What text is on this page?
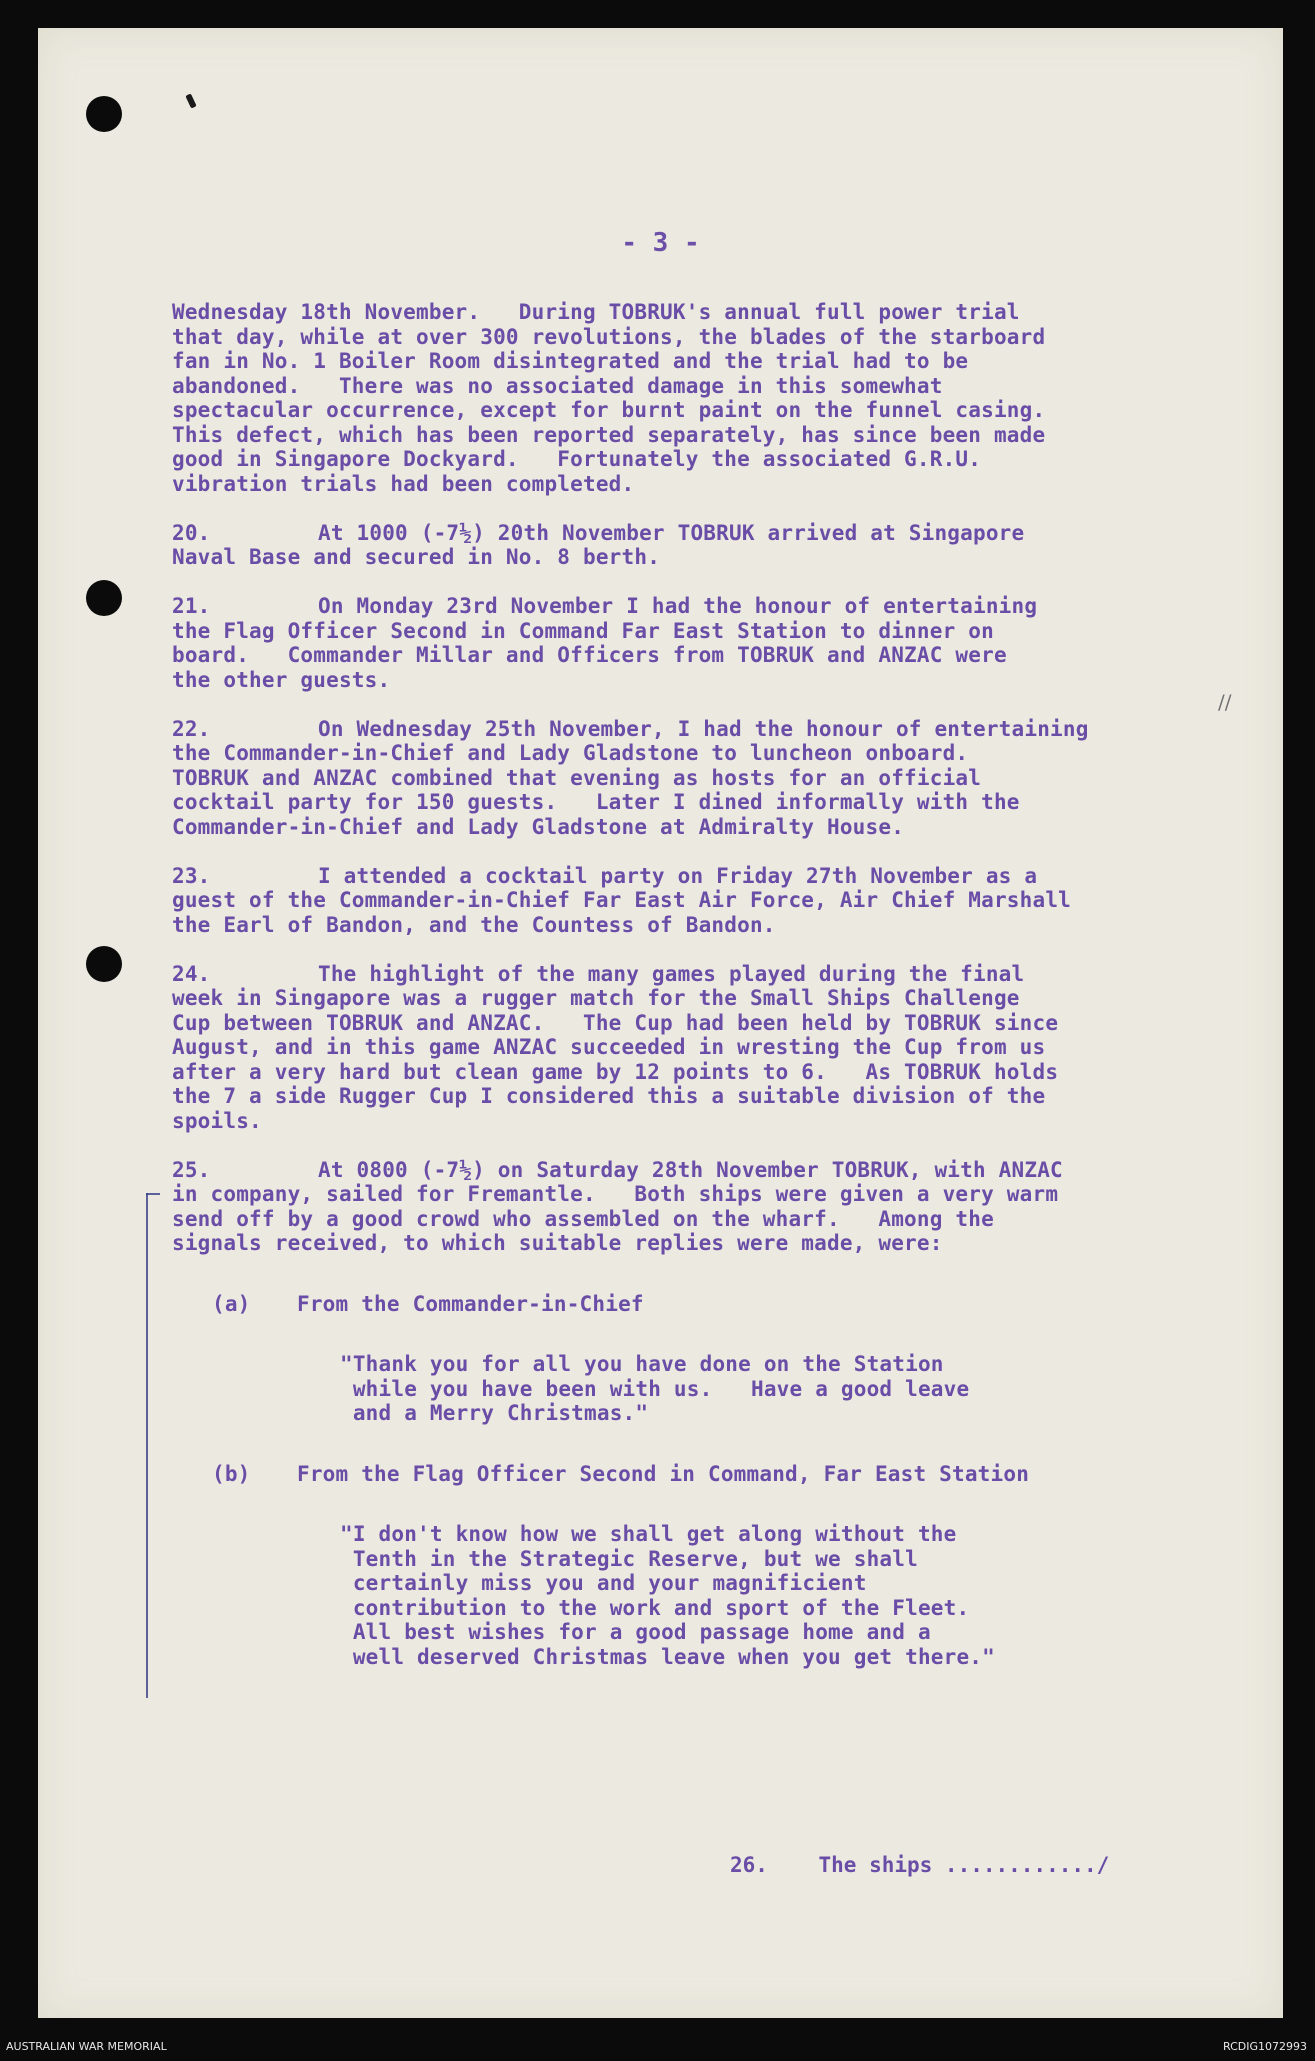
- 3 -
//
Wednesday 18th November.   During TOBRUK's annual full power trial
that day, while at over 300 revolutions, the blades of the starboard
fan in No. 1 Boiler Room disintegrated and the trial had to be
abandoned.   There was no associated damage in this somewhat
spectacular occurrence, except for burnt paint on the funnel casing.
This defect, which has been reported separately, has since been made
good in Singapore Dockyard.   Fortunately the associated G.R.U.
vibration trials had been completed.
20.	At 1000 (-7½) 20th November TOBRUK arrived at Singapore
Naval Base and secured in No. 8 berth.
21.	On Monday 23rd November I had the honour of entertaining
the Flag Officer Second in Command Far East Station to dinner on
board.   Commander Millar and Officers from TOBRUK and ANZAC were
the other guests.
22.	On Wednesday 25th November, I had the honour of entertaining
the Commander-in-Chief and Lady Gladstone to luncheon onboard.
TOBRUK and ANZAC combined that evening as hosts for an official
cocktail party for 150 guests.   Later I dined informally with the
Commander-in-Chief and Lady Gladstone at Admiralty House.
23.	I attended a cocktail party on Friday 27th November as a
guest of the Commander-in-Chief Far East Air Force, Air Chief Marshall
the Earl of Bandon, and the Countess of Bandon.
24.	The highlight of the many games played during the final
week in Singapore was a rugger match for the Small Ships Challenge
Cup between TOBRUK and ANZAC.   The Cup had been held by TOBRUK since
August, and in this game ANZAC succeeded in wresting the Cup from us
after a very hard but clean game by 12 points to 6.   As TOBRUK holds
the 7 a side Rugger Cup I considered this a suitable division of the
spoils.
25.	At 0800 (-7½) on Saturday 28th November TOBRUK, with ANZAC
in company, sailed for Fremantle.   Both ships were given a very warm
send off by a good crowd who assembled on the wharf.   Among the
signals received, to which suitable replies were made, were:
(a) From the Commander-in-Chief
"Thank you for all you have done on the Station
while you have been with us.   Have a good leave
and a Merry Christmas."
(b) From the Flag Officer Second in Command, Far East Station
"I don't know how we shall get along without the
Tenth in the Strategic Reserve, but we shall
certainly miss you and your magnificient
contribution to the work and sport of the Fleet.
All best wishes for a good passage home and a
well deserved Christmas leave when you get there."
26.    The ships ............/
AUSTRALIAN WAR MEMORIAL	RCDIG1072993
